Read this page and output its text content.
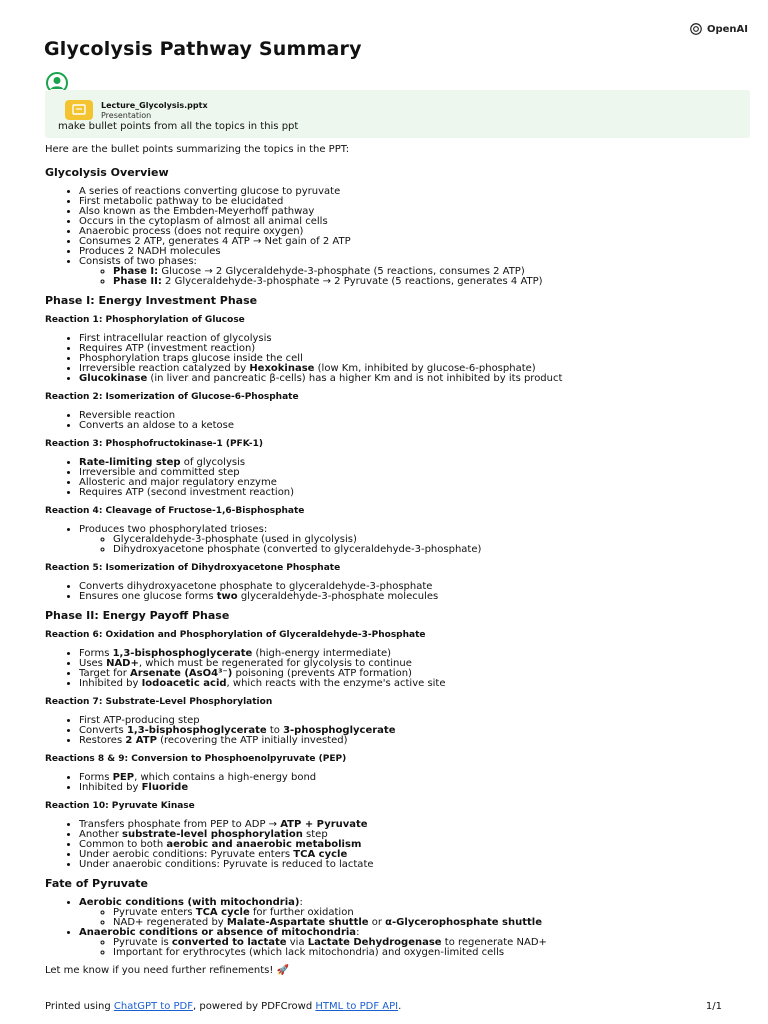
OpenAI
Glycolysis Pathway Summary
Lecture_Glycolysis.pptx
Presentation
make bullet points from all the topics in this ppt

Here are the bullet points summarizing the topics in the PPT:

Glycolysis Overview
• A series of reactions converting glucose to pyruvate
• First metabolic pathway to be elucidated
• Also known as the Embden-Meyerhoff pathway
• Occurs in the cytoplasm of almost all animal cells
• Anaerobic process (does not require oxygen)
• Consumes 2 ATP, generates 4 ATP → Net gain of 2 ATP
• Produces 2 NADH molecules
• Consists of two phases:
◦ Phase I: Glucose → 2 Glyceraldehyde-3-phosphate (5 reactions, consumes 2 ATP)
◦ Phase II: 2 Glyceraldehyde-3-phosphate → 2 Pyruvate (5 reactions, generates 4 ATP)
Phase I: Energy Investment Phase
Reaction 1: Phosphorylation of Glucose
• First intracellular reaction of glycolysis
• Requires ATP (investment reaction)
• Phosphorylation traps glucose inside the cell
• Irreversible reaction catalyzed by Hexokinase (low Km, inhibited by glucose-6-phosphate)
• Glucokinase (in liver and pancreatic β-cells) has a higher Km and is not inhibited by its product
Reaction 2: Isomerization of Glucose-6-Phosphate
• Reversible reaction
• Converts an aldose to a ketose
Reaction 3: Phosphofructokinase-1 (PFK-1)
• Rate-limiting step of glycolysis
• Irreversible and committed step
• Allosteric and major regulatory enzyme
• Requires ATP (second investment reaction)
Reaction 4: Cleavage of Fructose-1,6-Bisphosphate
• Produces two phosphorylated trioses:
◦ Glyceraldehyde-3-phosphate (used in glycolysis)
◦ Dihydroxyacetone phosphate (converted to glyceraldehyde-3-phosphate)
Reaction 5: Isomerization of Dihydroxyacetone Phosphate
• Converts dihydroxyacetone phosphate to glyceraldehyde-3-phosphate
• Ensures one glucose forms two glyceraldehyde-3-phosphate molecules
Phase II: Energy Payoff Phase
Reaction 6: Oxidation and Phosphorylation of Glyceraldehyde-3-Phosphate
• Forms 1,3-bisphosphoglycerate (high-energy intermediate)
• Uses NAD+, which must be regenerated for glycolysis to continue
• Target for Arsenate (AsO4³⁻) poisoning (prevents ATP formation)
• Inhibited by Iodoacetic acid, which reacts with the enzyme's active site
Reaction 7: Substrate-Level Phosphorylation
• First ATP-producing step
• Converts 1,3-bisphosphoglycerate to 3-phosphoglycerate
• Restores 2 ATP (recovering the ATP initially invested)
Reactions 8 & 9: Conversion to Phosphoenolpyruvate (PEP)
• Forms PEP, which contains a high-energy bond
• Inhibited by Fluoride
Reaction 10: Pyruvate Kinase
• Transfers phosphate from PEP to ADP → ATP + Pyruvate
• Another substrate-level phosphorylation step
• Common to both aerobic and anaerobic metabolism
• Under aerobic conditions: Pyruvate enters TCA cycle
• Under anaerobic conditions: Pyruvate is reduced to lactate
Fate of Pyruvate
• Aerobic conditions (with mitochondria):
◦ Pyruvate enters TCA cycle for further oxidation
◦ NAD+ regenerated by Malate-Aspartate shuttle or α-Glycerophosphate shuttle
• Anaerobic conditions or absence of mitochondria:
◦ Pyruvate is converted to lactate via Lactate Dehydrogenase to regenerate NAD+
◦ Important for erythrocytes (which lack mitochondria) and oxygen-limited cells

Let me know if you need further refinements! 🚀

Printed using ChatGPT to PDF, powered by PDFCrowd HTML to PDF API.	1/1
